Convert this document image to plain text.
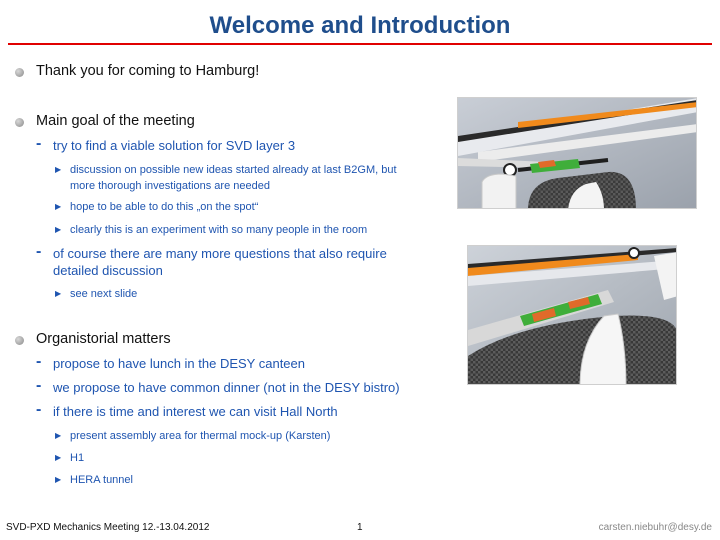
Welcome and Introduction
Thank you for coming to Hamburg!
Main goal of the meeting
- try to find a viable solution for SVD layer 3
▶ discussion on possible new ideas started already at last B2GM, but
more thorough investigations are needed
▶ hope to be able to do this „on the spot“
▶ clearly this is an experiment with so many people in the room
- of course there are many more questions that also require
detailed discussion
▶ see next slide
Organistorial matters
- propose to have lunch in the DESY canteen
- we propose to have common dinner (not in the DESY bistro)
- if there is time and interest we can visit Hall North
▶ present assembly area for thermal mock-up (Karsten)
▶ H1
▶ HERA tunnel
SVD-PXD Mechanics Meeting 12.-13.04.2012	1	carsten.niebuhr@desy.de
